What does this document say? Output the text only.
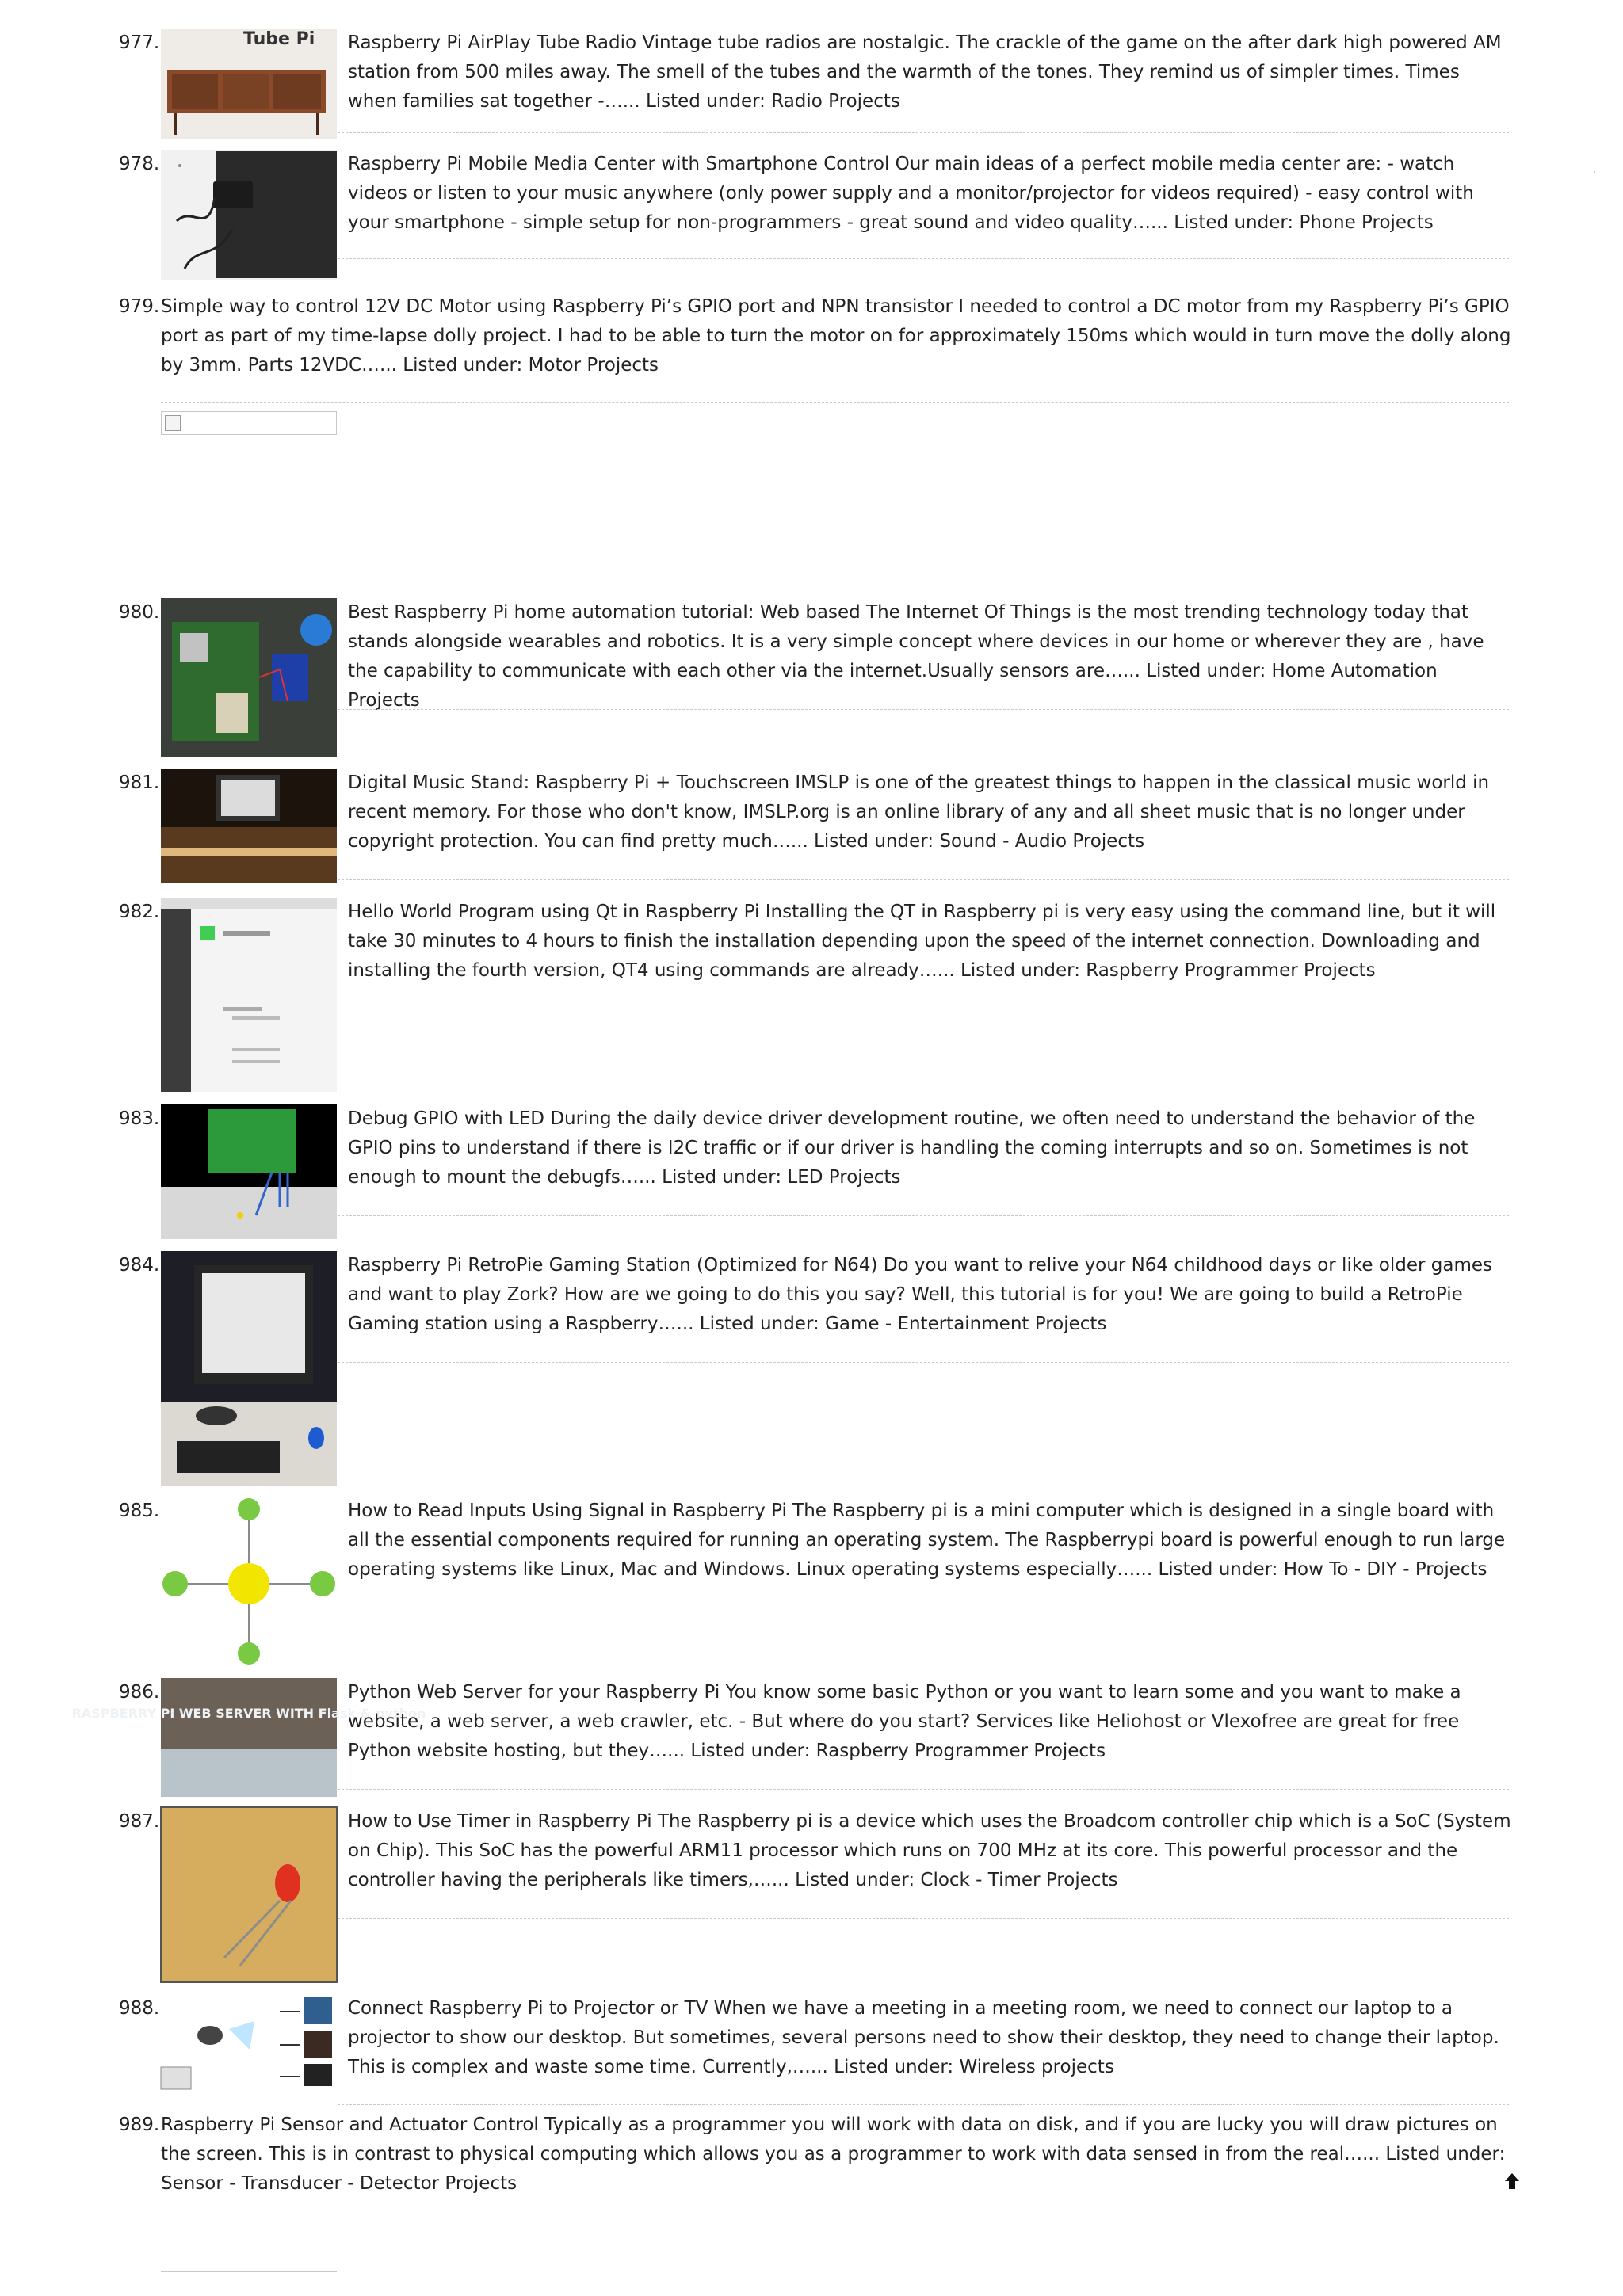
977.	Tube Pi Raspberry Pi AirPlay Tube Radio Vintage tube radios are nostalgic. The crackle of the game on the after dark high powered AM station from 500 miles away. The smell of the tubes and the warmth of the tones. They remind us of simpler times. Times when families sat together -…... Listed under: Radio Projects

978.	Raspberry Pi Mobile Media Center with Smartphone Control Our main ideas of a perfect mobile media center are: - watch videos or listen to your music anywhere (only power supply and a monitor/projector for videos required) - easy control with your smartphone - simple setup for non-programmers - great sound and video quality…... Listed under: Phone Projects

979. Simple way to control 12V DC Motor using Raspberry Pi’s GPIO port and NPN transistor I needed to control a DC motor from my Raspberry Pi’s GPIO port as part of my time-lapse dolly project. I had to be able to turn the motor on for approximately 150ms which would in turn move the dolly along by 3mm. Parts 12VDC…... Listed under: Motor Projects

980.	Best Raspberry Pi home automation tutorial: Web based The Internet Of Things is the most trending technology today that stands alongside wearables and robotics. It is a very simple concept where devices in our home or wherever they are , have the capability to communicate with each other via the internet.Usually sensors are…... Listed under: Home Automation Projects

981.	Digital Music Stand: Raspberry Pi + Touchscreen IMSLP is one of the greatest things to happen in the classical music world in recent memory. For those who don't know, IMSLP.org is an online library of any and all sheet music that is no longer under copyright protection. You can find pretty much…... Listed under: Sound - Audio Projects

982.	Hello World Program using Qt in Raspberry Pi Installing the QT in Raspberry pi is very easy using the command line, but it will take 30 minutes to 4 hours to finish the installation depending upon the speed of the internet connection. Downloading and installing the fourth version, QT4 using commands are already…... Listed under: Raspberry Programmer Projects

983.	Debug GPIO with LED During the daily device driver development routine, we often need to understand the behavior of the GPIO pins to understand if there is I2C traffic or if our driver is handling the coming interrupts and so on. Sometimes is not enough to mount the debugfs…... Listed under: LED Projects

984.	Raspberry Pi RetroPie Gaming Station (Optimized for N64) Do you want to relive your N64 childhood days or like older games and want to play Zork? How are we going to do this you say? Well, this tutorial is for you! We are going to build a RetroPie Gaming station using a Raspberry…... Listed under: Game - Entertainment Projects

985.	How to Read Inputs Using Signal in Raspberry Pi The Raspberry pi is a mini computer which is designed in a single board with all the essential components required for running an operating system. The Raspberrypi board is powerful enough to run large operating systems like Linux, Mac and Windows. Linux operating systems especially…... Listed under: How To - DIY - Projects

986.
RASPBERRY PI WEB SERVER WITH Flask & python

Python Web Server for your Raspberry Pi You know some basic Python or you want to learn some and you want to make a website, a web server, a web crawler, etc. - But where do you start? Services like Heliohost or Vlexofree are great for free Python website hosting, but they…... Listed under: Raspberry Programmer Projects

987.	How to Use Timer in Raspberry Pi The Raspberry pi is a device which uses the Broadcom controller chip which is a SoC (System on Chip). This SoC has the powerful ARM11 processor which runs on 700 MHz at its core. This powerful processor and the controller having the peripherals like timers,…... Listed under: Clock - Timer Projects

988.	Connect Raspberry Pi to Projector or TV When we have a meeting in a meeting room, we need to connect our laptop to a projector to show our desktop. But sometimes, several persons need to show their desktop, they need to change their laptop. This is complex and waste some time. Currently,…... Listed under: Wireless projects

989. Raspberry Pi Sensor and Actuator Control Typically as a programmer you will work with data on disk, and if you are lucky you will draw pictures on the screen. This is in contrast to physical computing which allows you as a programmer to work with data sensed in from the real…... Listed under: Sensor - Transducer - Detector Projects
